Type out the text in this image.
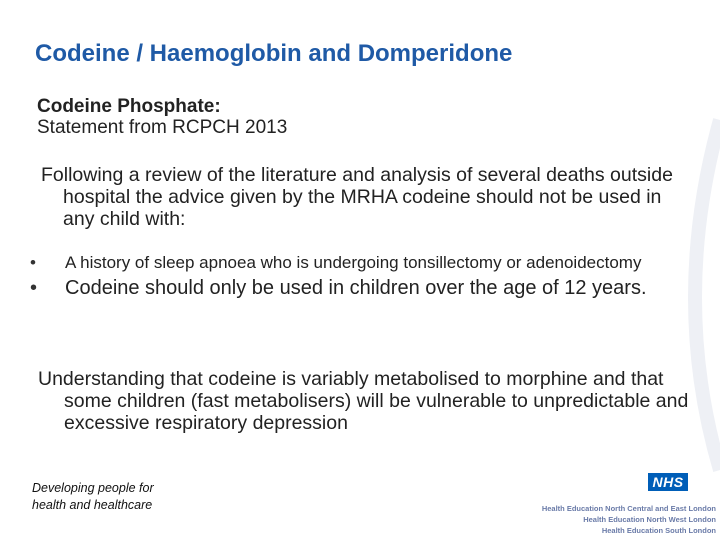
Codeine / Haemoglobin and Domperidone
Codeine Phosphate:
Statement from RCPCH 2013

Following a review of the literature and analysis of several deaths outside hospital the advice given by the MRHA codeine should not be used in any child with:

• A history of sleep apnoea who is undergoing tonsillectomy or adenoidectomy
• Codeine should only be used in children over the age of 12 years.

Understanding that codeine is variably metabolised to morphine and that some children (fast metabolisers) will be vulnerable to unpredictable and excessive respiratory depression

Developing people for
health and healthcare
NHS
Health Education North Central and East London
Health Education North West London
Health Education South London
